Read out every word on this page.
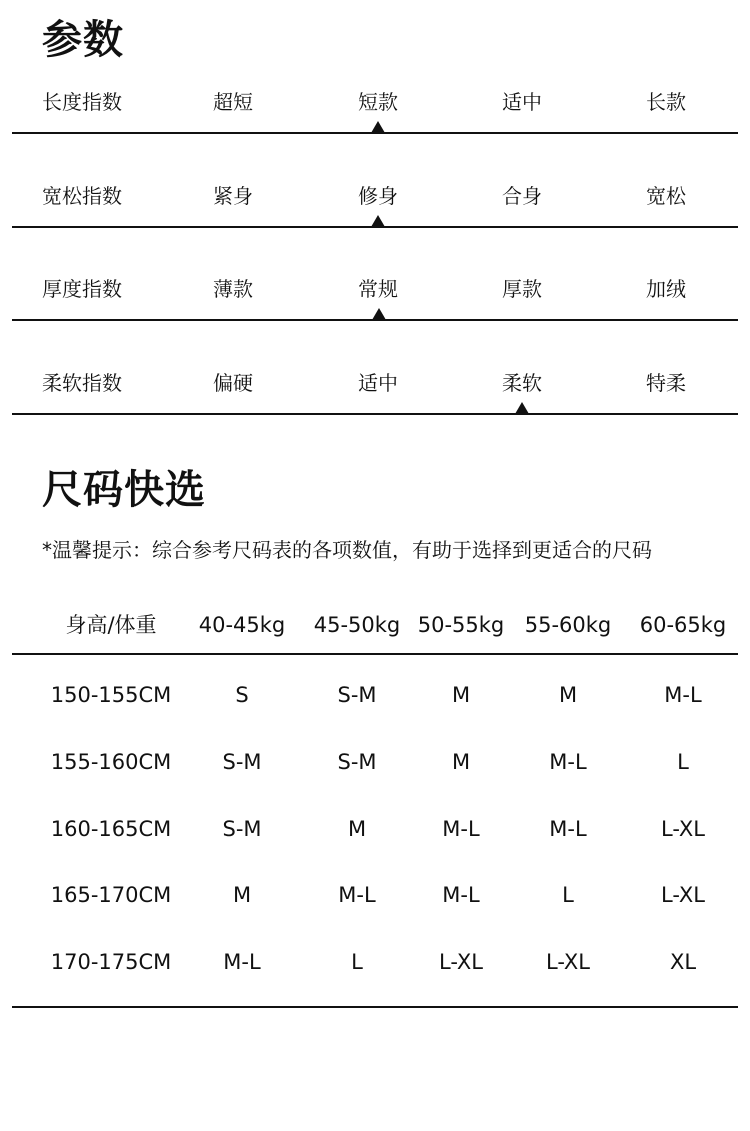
参数
长度指数	超短	短款	适中	长款
宽松指数	紧身	修身	合身	宽松
厚度指数	薄款	常规	厚款	加绒
柔软指数	偏硬	适中	柔软	特柔
尺码快选

*温馨提示：综合参考尺码表的各项数值，有助于选择到更适合的尺码

身高/体重 40-45kg 45-50kg 50-55kg 55-60kg 60-65kg
150-155CM	S	S-M	M	M	M-L
155-160CM S-M	S-M	M	M-L	L
160-165CM S-M	M	M-L	M-L	L-XL
165-170CM	M	M-L	M-L	L	L-XL
170-175CM M-L	L	L-XL	L-XL	XL
